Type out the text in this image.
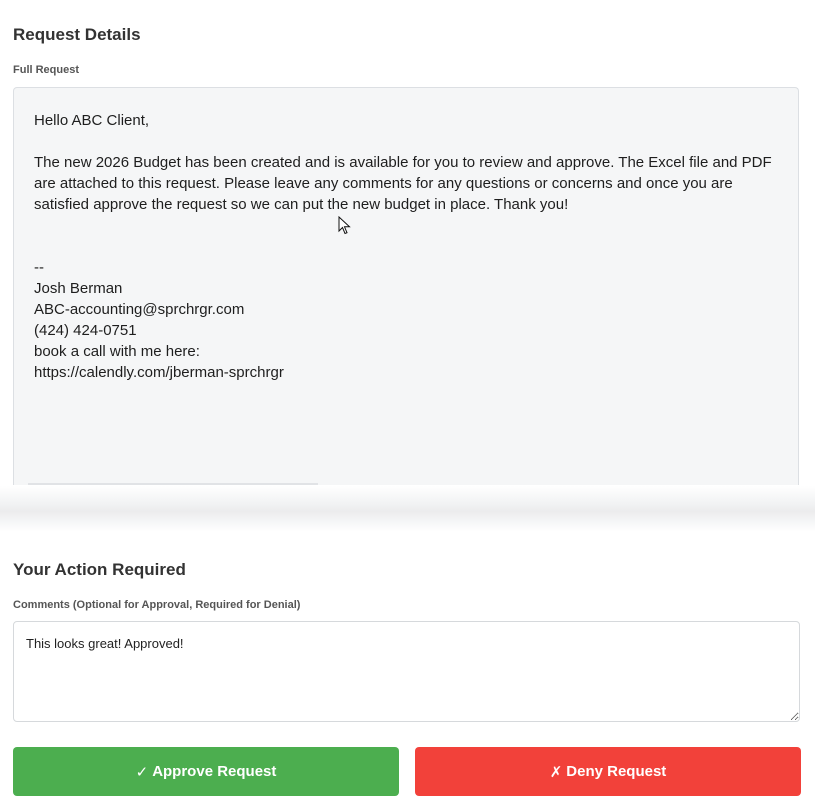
Request Details
Full Request

Hello ABC Client,

The new 2026 Budget has been created and is available for you to review and approve. The Excel file and PDF are attached to this request. Please leave any comments for any questions or concerns and once you are satisfied approve the request so we can put the new budget in place. Thank you!

--
Josh Berman
ABC-accounting@sprchrgr.com
(424) 424-0751
book a call with me here:
https://calendly.com/jberman-sprchrgr

Your Action Required
Comments (Optional for Approval, Required for Denial)
This looks great! Approved!
✓ Approve Request	✗ Deny Request
